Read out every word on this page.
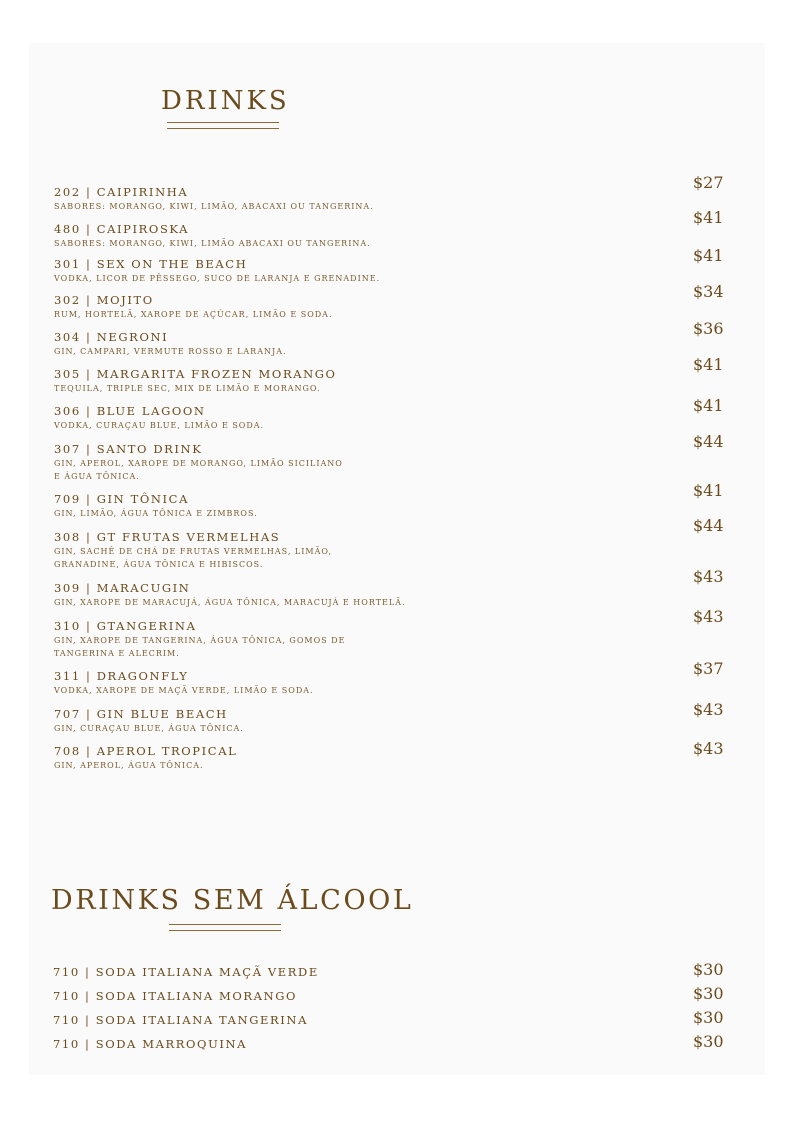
DRINKS
202 | CAIPIRINHA
SABORES: MORANGO, KIWI, LIMÃO, ABACAXI OU TANGERINA.
$27
480 | CAIPIROSKA
SABORES: MORANGO, KIWI, LIMÃO ABACAXI OU TANGERINA.
$41
301 | SEX ON THE BEACH
VODKA, LICOR DE PÊSSEGO, SUCO DE LARANJA E GRENADINE.
$41
302 | MOJITO
RUM, HORTELÃ, XAROPE DE AÇÚCAR, LIMÃO E SODA.
$34
304 | NEGRONI
GIN, CAMPARI, VERMUTE ROSSO E LARANJA.
$36
305 | MARGARITA FROZEN MORANGO
TEQUILA, TRIPLE SEC, MIX DE LIMÃO E MORANGO.
$41
306 | BLUE LAGOON
VODKA, CURAÇAU BLUE, LIMÃO E SODA.
$41
307 | SANTO DRINK
GIN, APEROL, XAROPE DE MORANGO, LIMÃO SICILIANO
E ÁGUA TÔNICA.
$44
709 | GIN TÔNICA
GIN, LIMÃO, ÁGUA TÔNICA E ZIMBROS.
$41
308 | GT FRUTAS VERMELHAS
GIN, SACHÊ DE CHÁ DE FRUTAS VERMELHAS, LIMÃO,
GRANADINE, ÁGUA TÔNICA E HIBISCOS.
$44
309 | MARACUGIN
GIN, XAROPE DE MARACUJÁ, ÁGUA TÔNICA, MARACUJÁ E HORTELÃ.
$43
310 | GTANGERINA
GIN, XAROPE DE TANGERINA, ÁGUA TÔNICA, GOMOS DE
TANGERINA E ALECRIM.
$43
311 | DRAGONFLY
VODKA, XAROPE DE MAÇÃ VERDE, LIMÃO E SODA.
$37
707 | GIN BLUE BEACH
GIN, CURAÇAU BLUE, ÁGUA TÔNICA.
$43
708 | APEROL TROPICAL
GIN, APEROL, ÁGUA TÔNICA.
$43
DRINKS SEM ÁLCOOL
710 | SODA ITALIANA MAÇÃ VERDE	$30
710 | SODA ITALIANA MORANGO	$30
710 | SODA ITALIANA TANGERINA	$30
710 | SODA MARROQUINA	$30
